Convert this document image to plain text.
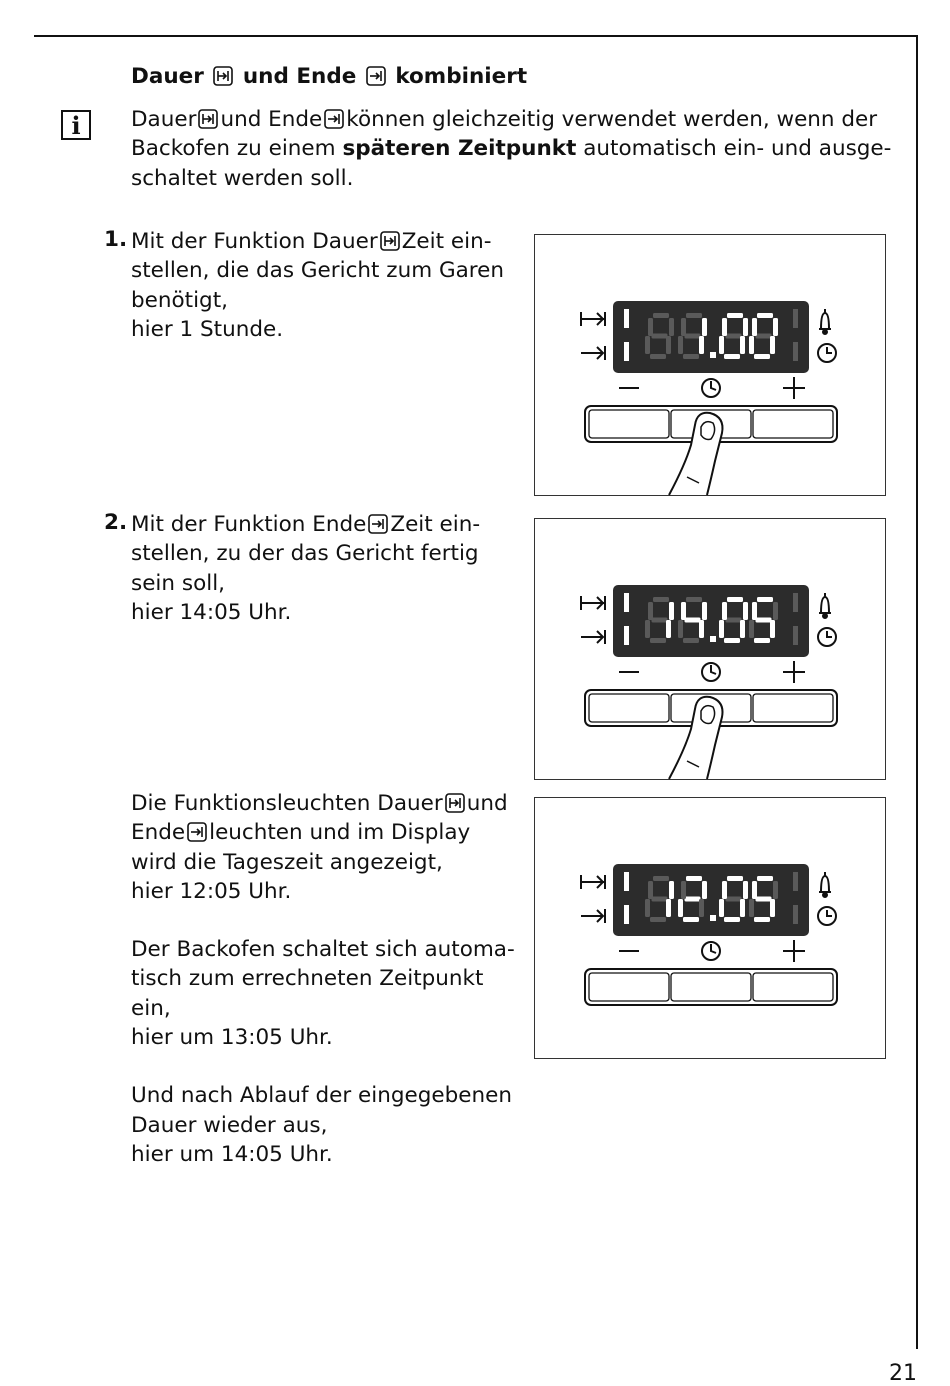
Dauer und Ende kombiniert
i	Dauer und Ende können gleichzeitig verwendet werden, wenn der Backofen zu einem späteren Zeitpunkt automatisch ein- und ausge-schaltet werden soll.
1. Mit der Funktion Dauer Zeit ein-
stellen, die das Gericht zum Garen
benötigt,
hier 1 Stunde.
2. Mit der Funktion Ende Zeit ein-
stellen, zu der das Gericht fertig
sein soll,
hier 14:05 Uhr.
Die Funktionsleuchten Dauer und
Ende leuchten und im Display
wird die Tageszeit angezeigt,
hier 12:05 Uhr.
Der Backofen schaltet sich automa-
tisch zum errechneten Zeitpunkt
ein,
hier um 13:05 Uhr.
Und nach Ablauf der eingegebenen
Dauer wieder aus,
hier um 14:05 Uhr.
21
